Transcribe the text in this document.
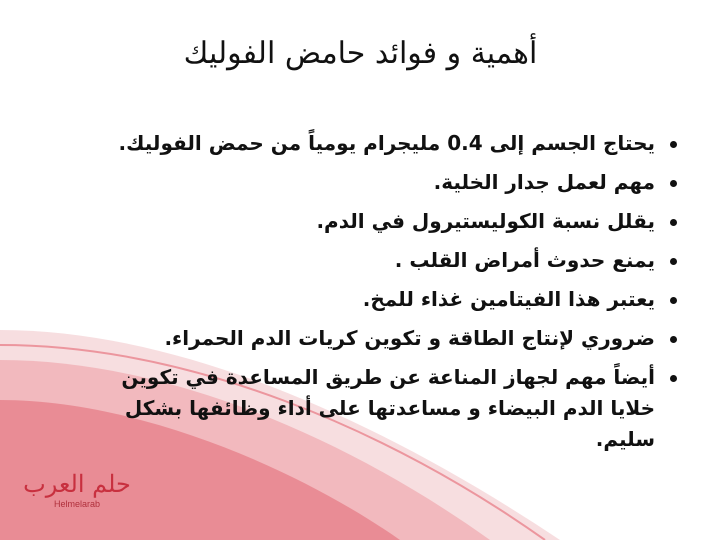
أهمية و فوائد حامض الفوليك
يحتاج الجسم إلى 0.4 مليجرام يومياً من حمض الفوليك.
مهم لعمل جدار الخلية.
يقلل نسبة الكوليستيرول في الدم.
يمنع حدوث أمراض القلب .
يعتبر هذا الفيتامين غذاء للمخ.
ضروري لإنتاج الطاقة و تكوين كريات الدم الحمراء.
أيضاً مهم لجهاز المناعة عن طريق المساعدة في تكوين خلايا الدم البيضاء و مساعدتها على أداء وظائفها بشكل سليم.
حلم العرب
Helmelarab
